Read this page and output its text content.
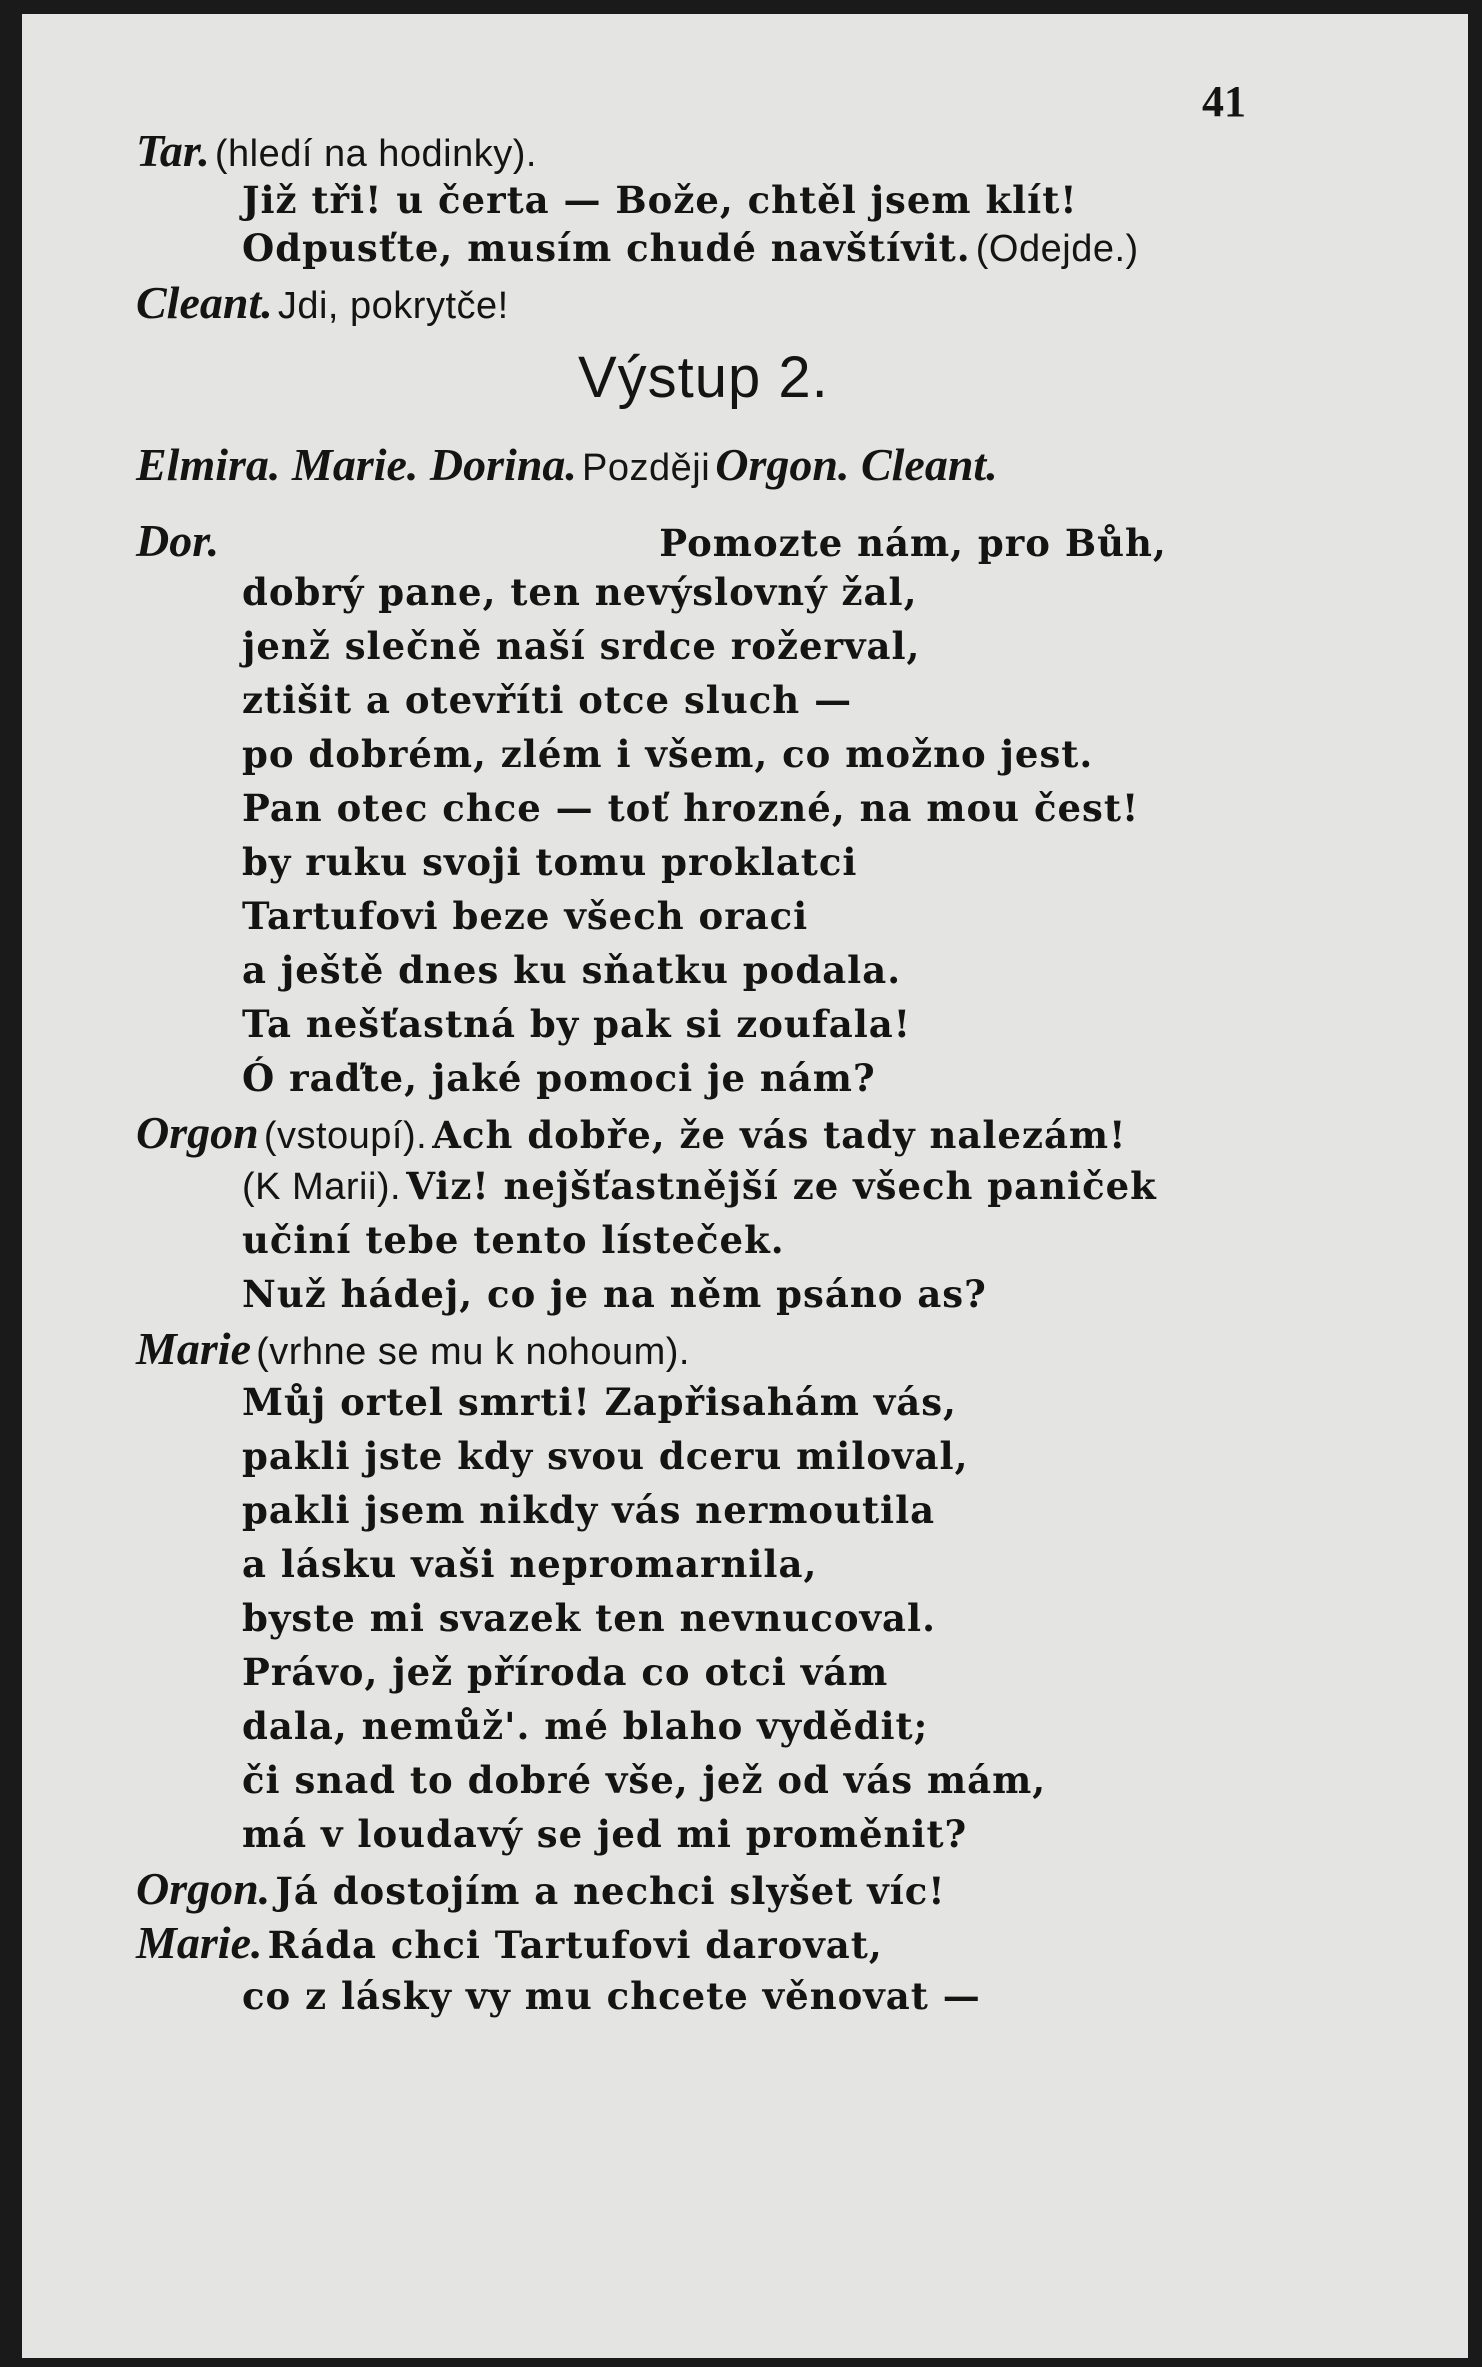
41
Tar. (hledí na hodinky).
Již tři! u čerta — Bože, chtěl jsem klít!
Odpusťte, musím chudé navštívit. (Odejde.)
Cleant. Jdi, pokrytče!
Výstup 2.
Elmira. Marie. Dorina. Později Orgon. Cleant.
Dor.	Pomozte nám, pro Bůh,
dobrý pane, ten nevýslovný žal,
jenž slečně naší srdce rožerval,
ztišit a otevříti otce sluch —
po dobrém, zlém i všem, co možno jest.
Pan otec chce — toť hrozné, na mou čest!
by ruku svoji tomu proklatci
Tartufovi beze všech oraci
a ještě dnes ku sňatku podala.
Ta nešťastná by pak si zoufala!
Ó raďte, jaké pomoci je nám?
Orgon (vstoupí). Ach dobře, že vás tady nalezám!
(K Marii). Viz! nejšťastnější ze všech paniček
učiní tebe tento lísteček.
Nuž hádej, co je na něm psáno as?
Marie (vrhne se mu k nohoum).
Můj ortel smrti! Zapřisahám vás,
pakli jste kdy svou dceru miloval,
pakli jsem nikdy vás nermoutila
a lásku vaši nepromarnila,
byste mi svazek ten nevnucoval.
Právo, jež příroda co otci vám
dala, nemůž'. mé blaho vydědit;
či snad to dobré vše, jež od vás mám,
má v loudavý se jed mi proměnit?
Orgon. Já dostojím a nechci slyšet víc!
Marie. Ráda chci Tartufovi darovat,
co z lásky vy mu chcete věnovat —
